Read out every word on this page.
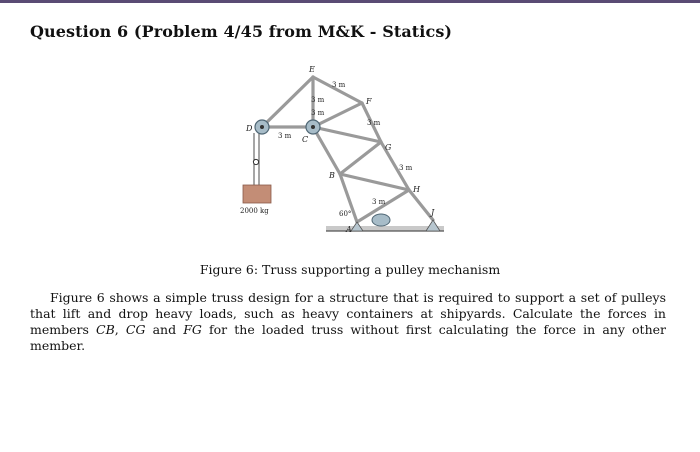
Question 6 (Problem 4/45 from M&K - Statics)
E
F
D
C
G
B
H
J
A
3 m
3 m
3 m
3 m
3 m
3 m
3 m
60°
2000 kg
Figure 6: Truss supporting a pulley mechanism

Figure 6 shows a simple truss design for a structure that is required to support a set of pulleys that lift and drop heavy loads, such as heavy containers at shipyards. Calculate the forces in members CB, CG and FG for the loaded truss without first calculating the force in any other member.
